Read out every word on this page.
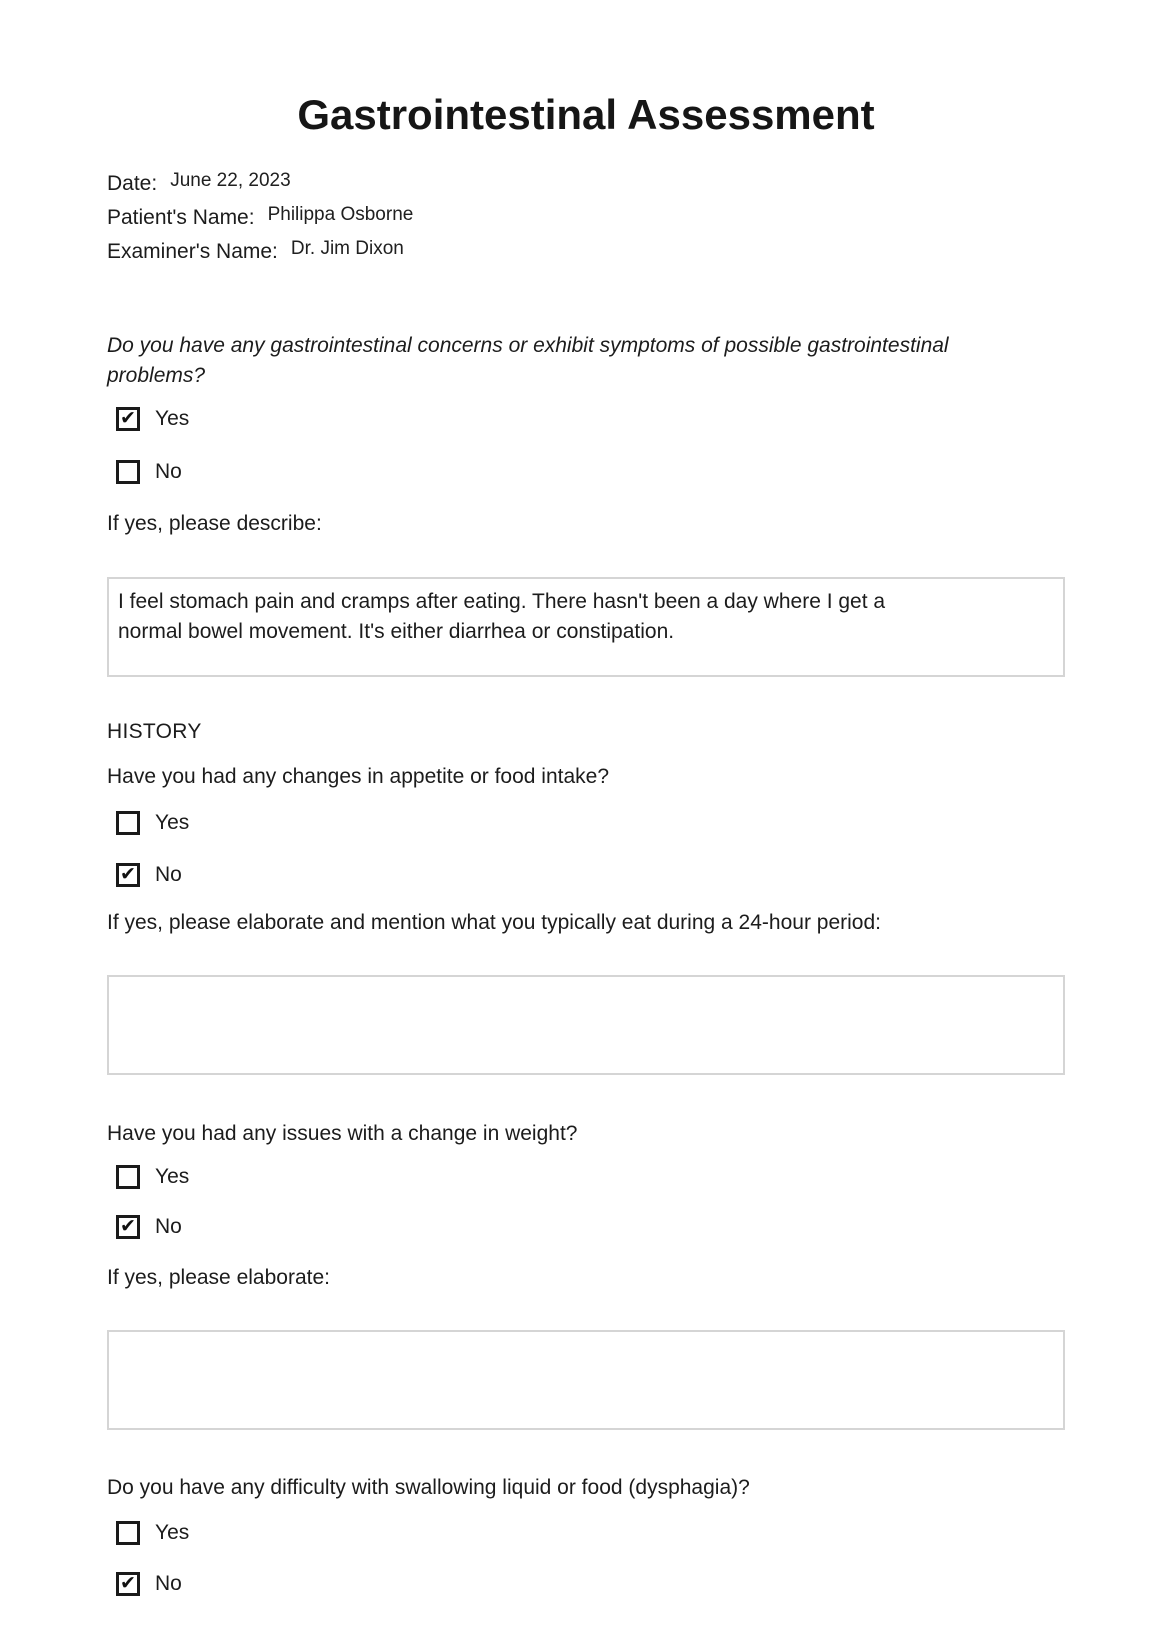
Gastrointestinal Assessment
Date: June 22, 2023
Patient's Name: Philippa Osborne
Examiner's Name: Dr. Jim Dixon

Do you have any gastrointestinal concerns or exhibit symptoms of possible gastrointestinal problems?

✔ Yes
No

If yes, please describe:

I feel stomach pain and cramps after eating. There hasn't been a day where I get a normal bowel movement. It's either diarrhea or constipation.
HISTORY

Have you had any changes in appetite or food intake?

Yes
✔ No

If yes, please elaborate and mention what you typically eat during a 24-hour period:

Have you had any issues with a change in weight?

Yes
✔ No

If yes, please elaborate:

Do you have any difficulty with swallowing liquid or food (dysphagia)?

Yes
✔ No
